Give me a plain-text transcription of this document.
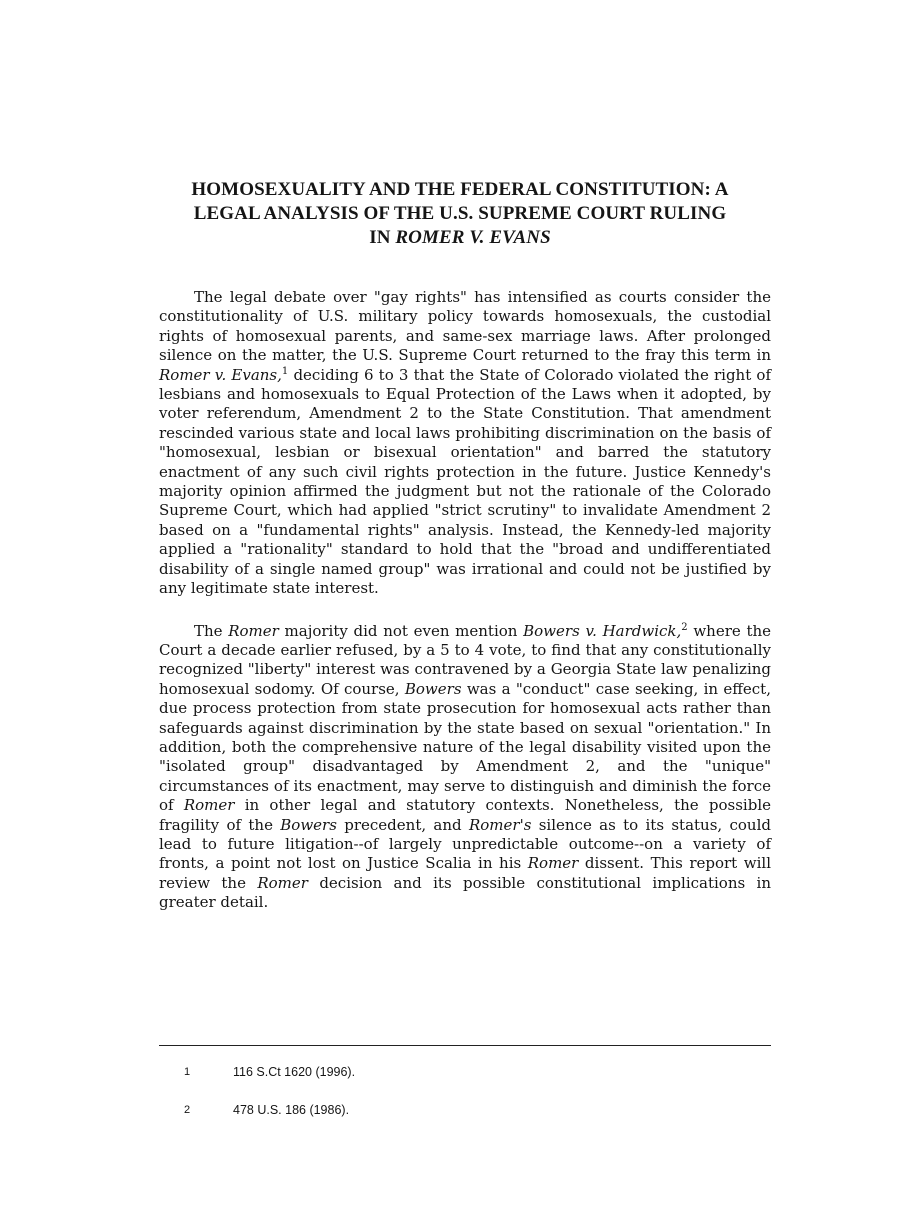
HOMOSEXUALITY AND THE FEDERAL CONSTITUTION: A
LEGAL ANALYSIS OF THE U.S. SUPREME COURT RULING
IN ROMER V. EVANS

The legal debate over "gay rights" has intensified as courts consider the constitutionality of U.S. military policy towards homosexuals, the custodial rights of homosexual parents, and same-sex marriage laws. After prolonged silence on the matter, the U.S. Supreme Court returned to the fray this term in Romer v. Evans,$^1$ deciding 6 to 3 that the State of Colorado violated the right of lesbians and homosexuals to Equal Protection of the Laws when it adopted, by voter referendum, Amendment 2 to the State Constitution. That amendment rescinded various state and local laws prohibiting discrimination on the basis of "homosexual, lesbian or bisexual orientation" and barred the statutory enactment of any such civil rights protection in the future. Justice Kennedy's majority opinion affirmed the judgment but not the rationale of the Colorado Supreme Court, which had applied "strict scrutiny" to invalidate Amendment 2 based on a "fundamental rights" analysis. Instead, the Kennedy-led majority applied a "rationality" standard to hold that the "broad and undifferentiated disability of a single named group" was irrational and could not be justified by any legitimate state interest.

The Romer majority did not even mention Bowers v. Hardwick,$^2$ where the Court a decade earlier refused, by a 5 to 4 vote, to find that any constitutionally recognized "liberty" interest was contravened by a Georgia State law penalizing homosexual sodomy. Of course, Bowers was a "conduct" case seeking, in effect, due process protection from state prosecution for homosexual acts rather than safeguards against discrimination by the state based on sexual "orientation." In addition, both the comprehensive nature of the legal disability visited upon the "isolated group" disadvantaged by Amendment 2, and the "unique" circumstances of its enactment, may serve to distinguish and diminish the force of Romer in other legal and statutory contexts. Nonetheless, the possible fragility of the Bowers precedent, and Romer's silence as to its status, could lead to future litigation--of largely unpredictable outcome--on a variety of fronts, a point not lost on Justice Scalia in his Romer dissent. This report will review the Romer decision and its possible constitutional implications in greater detail.

1	116 S.Ct 1620 (1996).
2	478 U.S. 186 (1986).
